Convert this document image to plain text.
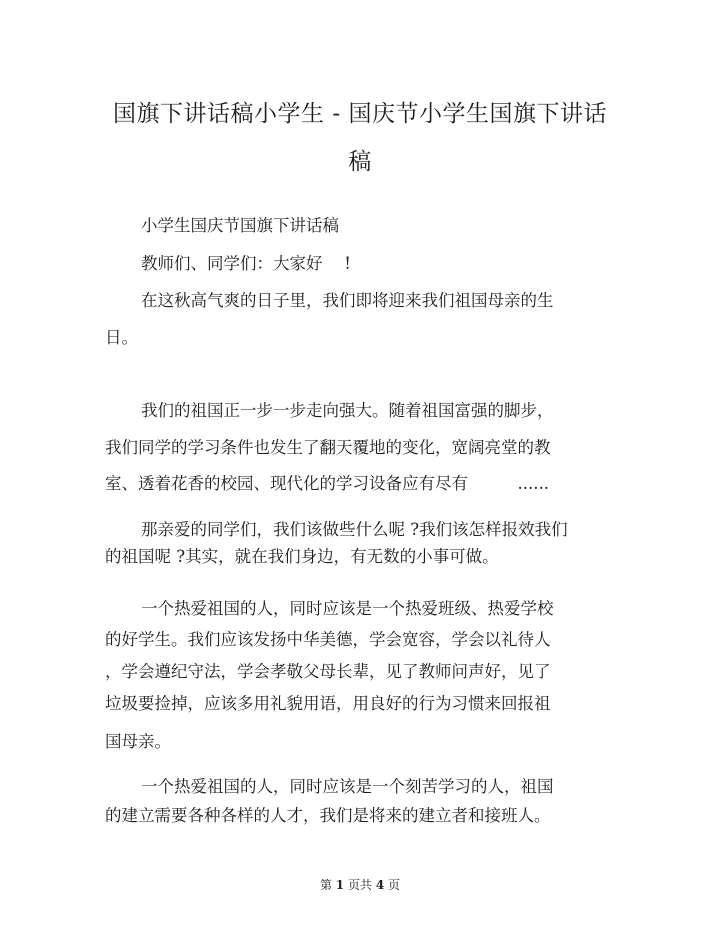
国旗下讲话稿小学生 - 国庆节小学生国旗下讲话
稿

小学生国庆节国旗下讲话稿

教师们、同学们：大家好　 !

在这秋高气爽的日子里，我们即将迎来我们祖国母亲的生

日。

我们的祖国正一步一步走向强大。随着祖国富强的脚步，

我们同学的学习条件也发生了翻天覆地的变化，宽阔亮堂的教

室、透着花香的校园、现代化的学习设备应有尽有　　　......

那亲爱的同学们，我们该做些什么呢 ?我们该怎样报效我们

的祖国呢 ?其实，就在我们身边，有无数的小事可做。

一个热爱祖国的人，同时应该是一个热爱班级、热爱学校

的好学生。我们应该发扬中华美德，学会宽容，学会以礼待人

，学会遵纪守法，学会孝敬父母长辈，见了教师问声好，见了

垃圾要捡掉，应该多用礼貌用语，用良好的行为习惯来回报祖

国母亲。

一个热爱祖国的人，同时应该是一个刻苦学习的人，祖国

的建立需要各种各样的人才，我们是将来的建立者和接班人。

第 1 页共 4 页
